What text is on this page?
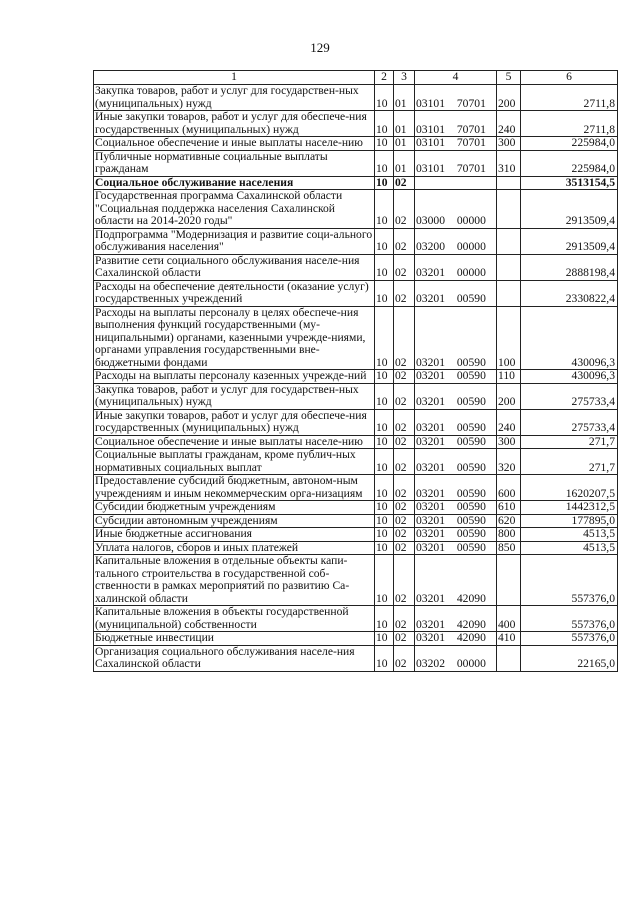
129
1	2	3	4	5	6
Закупка товаров, работ и услуг для государствен-ных (муниципальных) нужд	10	01	03101 70701	200	2711,8
Иные закупки товаров, работ и услуг для обеспече-ния государственных (муниципальных) нужд	10	01	03101 70701	240	2711,8
Социальное обеспечение и иные выплаты населе-нию	10	01	03101 70701	300	225984,0
Публичные нормативные социальные выплаты гражданам	10	01	03101 70701	310	225984,0
Социальное обслуживание населения	10	02			3513154,5
Государственная программа Сахалинской области "Социальная поддержка населения Сахалинской области на 2014-2020 годы"	10	02	03000 00000		2913509,4
Подпрограмма "Модернизация и развитие соци-ального обслуживания населения"	10	02	03200 00000		2913509,4
Развитие сети социального обслуживания населе-ния Сахалинской области	10	02	03201 00000		2888198,4
Расходы на обеспечение деятельности (оказание услуг) государственных учреждений	10	02	03201 00590		2330822,4
Расходы на выплаты персоналу в целях обеспече-ния выполнения функций государственными (му-ниципальными) органами, казенными учрежде-ниями, органами управления государственными вне-бюджетными фондами	10	02	03201 00590	100	430096,3
Расходы на выплаты персоналу казенных учрежде-ний	10	02	03201 00590	110	430096,3
Закупка товаров, работ и услуг для государствен-ных (муниципальных) нужд	10	02	03201 00590	200	275733,4
Иные закупки товаров, работ и услуг для обеспече-ния государственных (муниципальных) нужд	10	02	03201 00590	240	275733,4
Социальное обеспечение и иные выплаты населе-нию	10	02	03201 00590	300	271,7
Социальные выплаты гражданам, кроме публич-ных нормативных социальных выплат	10	02	03201 00590	320	271,7
Предоставление субсидий бюджетным, автоном-ным учреждениям и иным некоммерческим орга-низациям	10	02	03201 00590	600	1620207,5
Субсидии бюджетным учреждениям	10	02	03201 00590	610	1442312,5
Субсидии автономным учреждениям	10	02	03201 00590	620	177895,0
Иные бюджетные ассигнования	10	02	03201 00590	800	4513,5
Уплата налогов, сборов и иных платежей	10	02	03201 00590	850	4513,5
Капитальные вложения в отдельные объекты капи-тального строительства в государственной соб-ственности в рамках мероприятий по развитию Са-халинской области	10	02	03201 42090		557376,0
Капитальные вложения в объекты государственной (муниципальной) собственности	10	02	03201 42090	400	557376,0
Бюджетные инвестиции	10	02	03201 42090	410	557376,0
Организация социального обслуживания населе-ния Сахалинской области	10	02	03202 00000		22165,0
